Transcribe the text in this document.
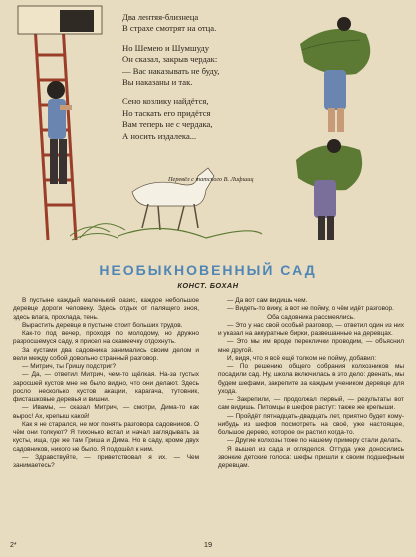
Два лентяя-близнеца
В страхе смотрят на отца.
Но Шемею и Шумшуду
Он сказал, закрыв чердак:
— Вас наказывать не буду,
Вы наказаны и так.
Сено козлику найдётся,
Но таскать его придётся
Вам теперь не с чердака,
А носить издалека...
Перевёл с татского В. Лифшиц
НЕОБЫКНОВЕННЫЙ САД
КОНСТ. БОХАН

В пустыне каждый маленький оазис, каждое небольшое деревце дороги человеку. Здесь отдых от палящего зноя, здесь влага, прохлада, тень.

Вырастить деревце в пустыне стоит больших трудов.

Как-то под вечер, проходя по молодому, но дружно разросшемуся саду, я присел на скамеечку отдохнуть.

За кустами два садовника занимались своим делом и вели между собой довольно странный разговор.

— Митрич, ты Гришу подстриг?

— Да, — ответил Митрич, чем-то щёлкая. На-за густых заросшей кустов мне не было видно, что они делают. Здесь росло несколько кустов акации, карагача, тутовник, фисташковые деревья и вишни.

— Ивамы, — сказал Митрич, — смотри, Дима-то как вырос! Ах, крепыш какой!

Как я не старался, не мог понять разговора садовников. О чём они толкуют? Я тихонько встал и начал заглядывать за кусты, ища, где же там Гриша и Дима. Но в саду, кроме двух садовников, никого не было. Я подошёл к ним.

— Здравствуйте, — приветствовал я их. — Чем занимаетесь?

— Да вот сам видишь чем.

— Видеть-то вижу, а вот не пойму, о чём идёт разговор.

Оба садовника рассмеялись.

— Это у нас свой особый разговор, — ответил один из них и указал на аккуратные бирки, развешанные на деревцах.

— Это мы им вроде переклички проводим, — объяснил мне другой.

И, видя, что я всё ещё толком не пойму, добавил:

— По решению общего собрания колхозников мы посадили сад. Ну, школа включилась в это дело: двенать, мы будем шефами, закрепите за каждым учеником деревце для ухода.

— Закрепили, — продолжал первый, — результаты вот сам видишь. Питомцы в шефов растут: также же крепыши.

— Пройдёт пятнадцать-двадцать лет, приятно будет кому-нибудь из шефов посмотреть на своё, уже настоящее, большое дерево, которое он растил когда-то.

— Другие колхозы тоже по нашему примеру стали делать.

Я вышел из сада и огляделся. Оттуда уже доносились звонкие детские голоса: шефы пришли к своим подшефным деревцам.

2*	19
